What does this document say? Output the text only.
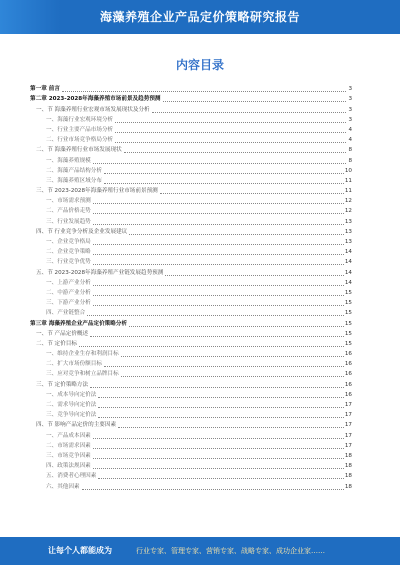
海藻养殖企业产品定价策略研究报告
内容目录
第一章 前言	3
第二章 2023-2028年海藻养殖市场前景及趋势预测	3
一、节 海藻养殖行业宏观市场发展现状及分析	3
一、海藻行业宏观环境分析	3
一、行业主要产品市场分析	4
二、行业市场竞争格局分析	4
二、节 海藻养殖行业市场发展现状	8
一、海藻养殖规模	8
二、海藻产品结构分析	10
三、海藻养殖区域分布	11
三、节 2023-2028年海藻养殖行业市场前景预测	11
一、市场需求预测	12
二、产品价格走势	12
三、行业发展趋势	13
四、节 行业竞争分析及企业发展建议	13
一、企业竞争格局	13
二、企业竞争策略	14
三、行业竞争优势	14
五、节 2023-2028年海藻养殖产业链发展趋势预测	14
一、上游产业分析	14
二、中游产业分析	15
三、下游产业分析	15
四、产业链整合	15
第三章 海藻养殖企业产品定价策略分析	15
一、节 产品定价概述	15
二、节 定价目标	15
一、维持企业生存和利润目标	16
二、扩大市场份额目标	16
三、应对竞争和树立品牌目标	16
三、节 定价策略方法	16
一、成本导向定价法	16
二、需求导向定价法	17
三、竞争导向定价法	17
四、节 影响产品定价的主要因素	17
一、产品成本因素	17
二、市场需求因素	17
三、市场竞争因素	18
四、政策法规因素	18
五、消费者心理因素	18
六、其他因素	18
让每个人都能成为	行业专家、管理专家、营销专家、战略专家、成功企业家……
